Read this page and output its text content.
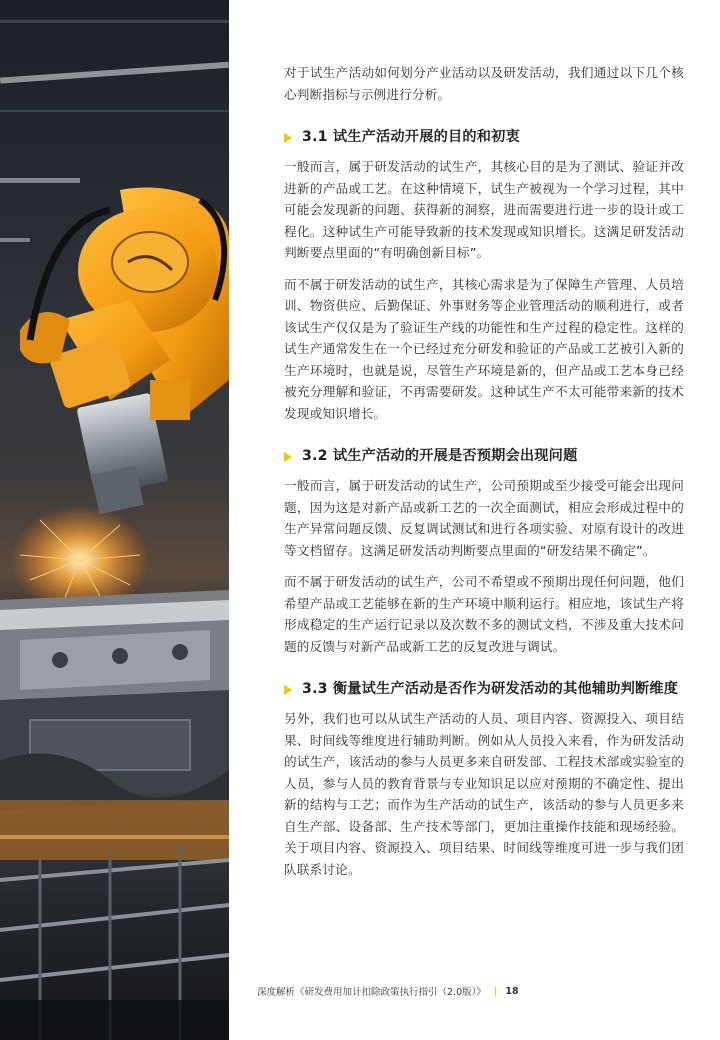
对于试生产活动如何划分产业活动以及研发活动，我们通过以下几个核心判断指标与示例进行分析。

3.1 试生产活动开展的目的和初衷

一般而言，属于研发活动的试生产，其核心目的是为了测试、验证并改进新的产品或工艺。在这种情境下，试生产被视为一个学习过程，其中可能会发现新的问题、获得新的洞察，进而需要进行进一步的设计或工程化。这种试生产可能导致新的技术发现或知识增长。这满足研发活动判断要点里面的“有明确创新目标”。

而不属于研发活动的试生产，其核心需求是为了保障生产管理、人员培训、物资供应、后勤保证、外事财务等企业管理活动的顺利进行，或者该试生产仅仅是为了验证生产线的功能性和生产过程的稳定性。这样的试生产通常发生在一个已经过充分研发和验证的产品或工艺被引入新的生产环境时，也就是说，尽管生产环境是新的，但产品或工艺本身已经被充分理解和验证，不再需要研发。这种试生产不太可能带来新的技术发现或知识增长。

3.2 试生产活动的开展是否预期会出现问题

一般而言，属于研发活动的试生产，公司预期或至少接受可能会出现问题，因为这是对新产品或新工艺的一次全面测试，相应会形成过程中的生产异常问题反馈、反复调试测试和进行各项实验、对原有设计的改进等文档留存。这满足研发活动判断要点里面的“研发结果不确定”。

而不属于研发活动的试生产，公司不希望或不预期出现任何问题，他们希望产品或工艺能够在新的生产环境中顺利运行。相应地，该试生产将形成稳定的生产运行记录以及次数不多的测试文档，不涉及重大技术问题的反馈与对新产品或新工艺的反复改进与调试。

3.3 衡量试生产活动是否作为研发活动的其他辅助判断维度

另外，我们也可以从试生产活动的人员、项目内容、资源投入、项目结果、时间线等维度进行辅助判断。例如从人员投入来看，作为研发活动的试生产，该活动的参与人员更多来自研发部、工程技术部或实验室的人员，参与人员的教育背景与专业知识足以应对预期的不确定性、提出新的结构与工艺；而作为生产活动的试生产，该活动的参与人员更多来自生产部、设备部、生产技术等部门，更加注重操作技能和现场经验。关于项目内容、资源投入、项目结果、时间线等维度可进一步与我们团队联系讨论。

深度解析《研发费用加计扣除政策执行指引（2.0版）》 | 18
